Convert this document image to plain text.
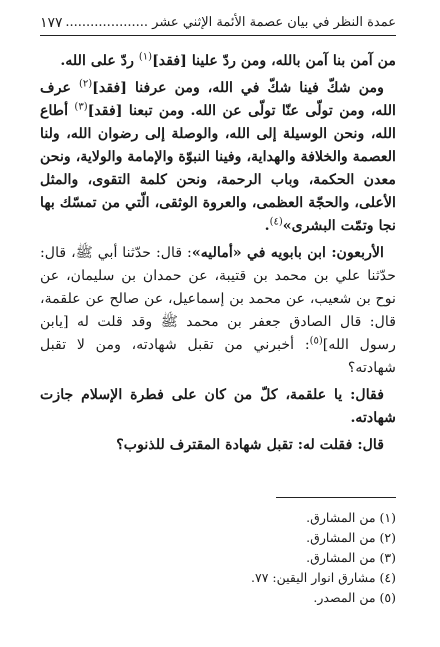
عمدة النظر في بيان عصمة الأئمة الإثني عشر ....................
١٧٧

من آمن بنا آمن بالله، ومن ردّ علينا [فقد]$^{(١)}$ ردّ على الله.

ومن شكّ فينا شكّ في الله، ومن عرفنا [فقد]$^{(٢)}$ عرف الله، ومن تولّى عنّا تولّى عن الله. ومن تبعنا [فقد]$^{(٣)}$ أطاع الله، ونحن الوسيلة إلى الله، والوصلة إلى رضوان الله، ولنا العصمة والخلافة والهداية، وفينا النبوّة والإمامة والولاية، ونحن معدن الحكمة، وباب الرحمة، ونحن كلمة التقوى، والمثل الأعلى، والحجّة العظمى، والعروة الوثقى، الّتي من تمسّك بها نجا وتمّت البشرى»$^{(٤)}$.

الأربعون: ابن بابويه في «أماليه»: قال: حدّثنا أبي ﷺ، قال: حدّثنا علي بن محمد بن قتيبة، عن حمدان بن سليمان، عن نوح بن شعيب، عن محمد بن إسماعيل، عن صالح عن علقمة، قال: قال الصادق جعفر بن محمد ﷺ وقد قلت له [يابن رسول الله]$^{(٥)}$: أخبرني من تقبل شهادته، ومن لا تقبل شهادته؟

فقال: يا علقمة، كلّ من كان على فطرة الإسلام جازت شهادته.

قال: فقلت له: تقبل شهادة المقترف للذنوب؟

(١) من المشارق.

(٢) من المشارق.

(٣) من المشارق.

(٤) مشارق انوار اليقين: ٧٧.

(٥) من المصدر.
